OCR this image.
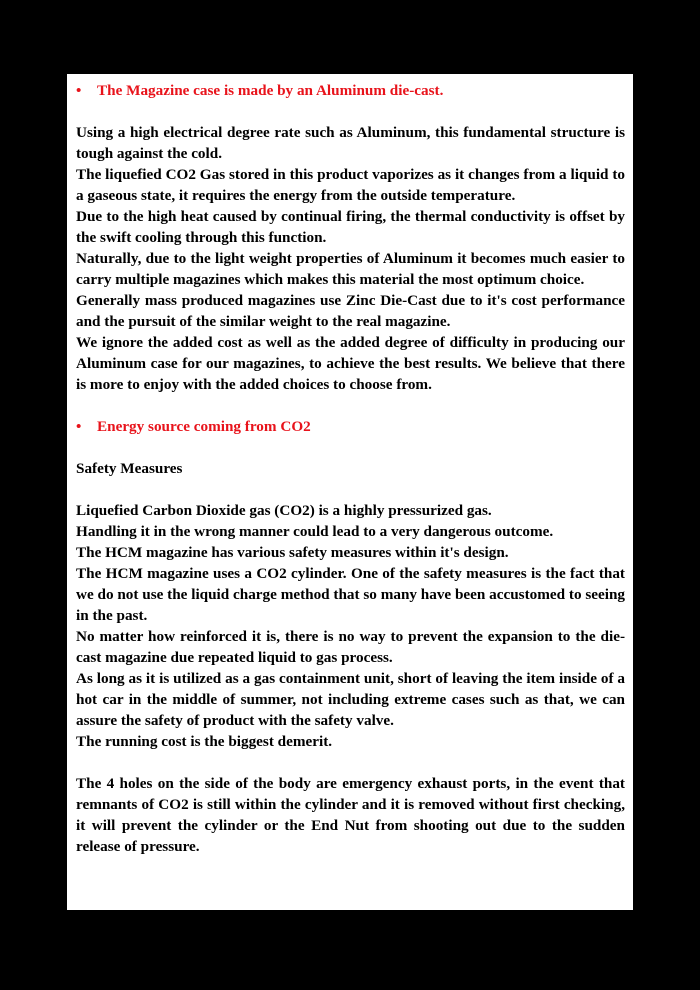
•	The Magazine case is made by an Aluminum die-cast.

Using a high electrical degree rate such as Aluminum, this fundamental structure is tough against the cold.

The liquefied CO2 Gas stored in this product vaporizes as it changes from a liquid to a gaseous state, it requires the energy from the outside temperature.

Due to the high heat caused by continual firing, the thermal conductivity is offset by the swift cooling through this function.

Naturally, due to the light weight properties of Aluminum it becomes much easier to carry multiple magazines which makes this material the most optimum choice.

Generally mass produced magazines use Zinc Die-Cast due to it's cost performance and the pursuit of the similar weight to the real magazine.

We ignore the added cost as well as the added degree of difficulty in producing our Aluminum case for our magazines, to achieve the best results. We believe that there is more to enjoy with the added choices to choose from.

•	Energy source coming from CO2

Safety Measures

Liquefied Carbon Dioxide gas (CO2) is a highly pressurized gas.

Handling it in the wrong manner could lead to a very dangerous outcome.

The HCM magazine has various safety measures within it's design.

The HCM magazine uses a CO2 cylinder. One of the safety measures is the fact that we do not use the liquid charge method that so many have been accustomed to seeing in the past.

No matter how reinforced it is, there is no way to prevent the expansion to the die-cast magazine due repeated liquid to gas process.

As long as it is utilized as a gas containment unit, short of leaving the item inside of a hot car in the middle of summer, not including extreme cases such as that, we can assure the safety of product with the safety valve.

The running cost is the biggest demerit.

The 4 holes on the side of the body are emergency exhaust ports, in the event that remnants of CO2 is still within the cylinder and it is removed without first checking, it will prevent the cylinder or the End Nut from shooting out due to the sudden release of pressure.
